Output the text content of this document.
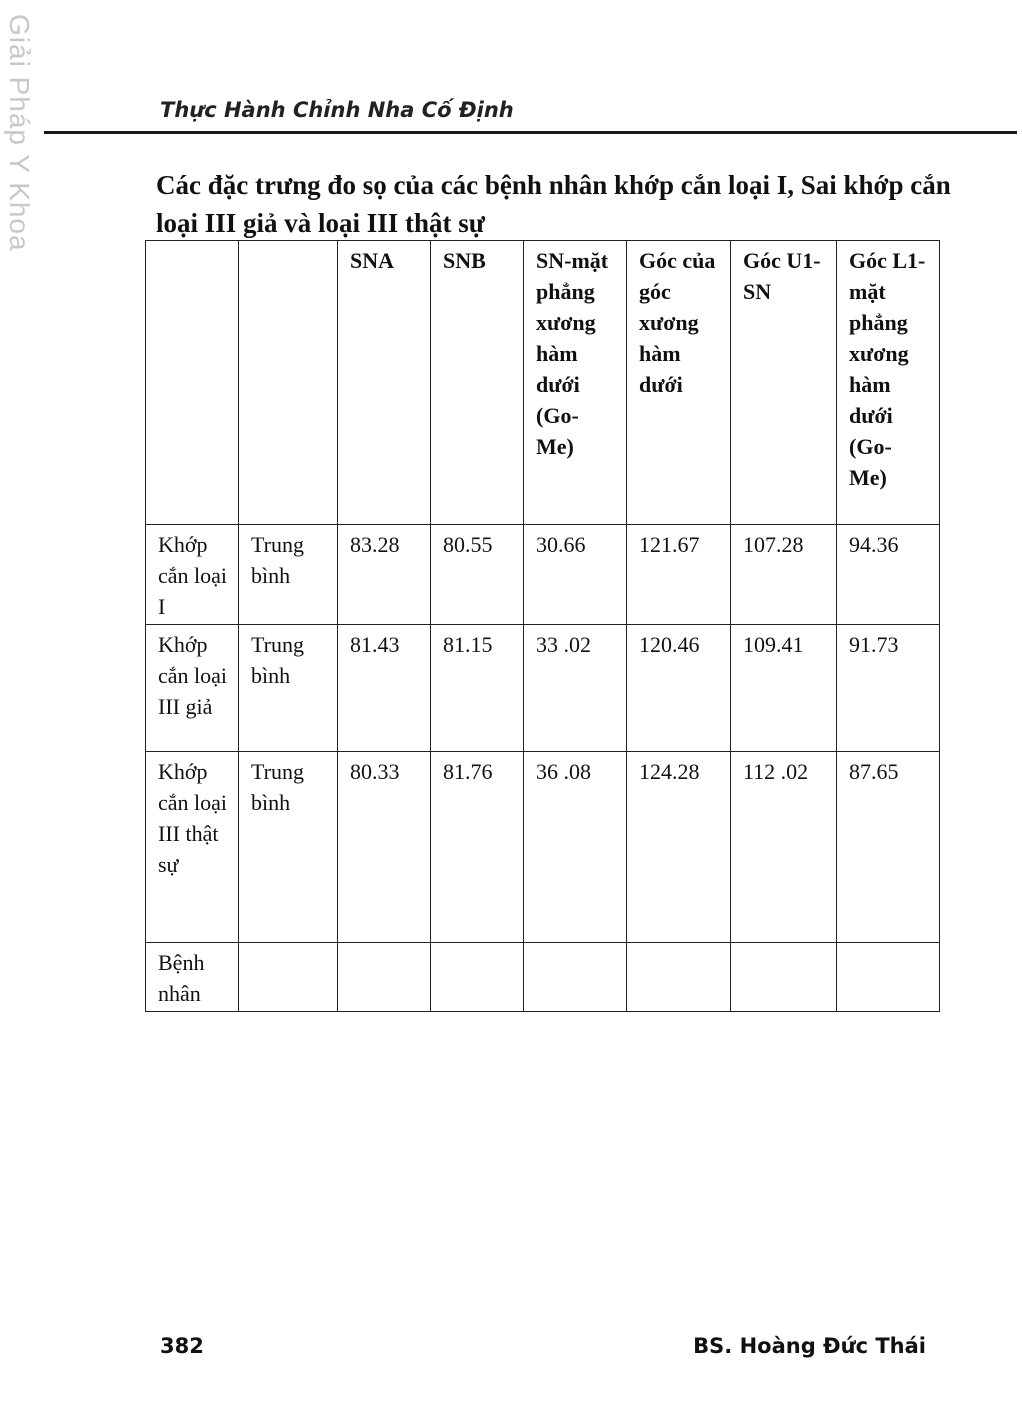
Giải Pháp Y Khoa	Thực Hành Chỉnh Nha Cố Định
Các đặc trưng đo sọ của các bệnh nhân khớp cắn loại I, Sai khớp cắn loại III giả và loại III thật sự
		SNA	SNB	SN-mặt phẳng xương hàm dưới (Go-Me)	Góc của góc xương hàm dưới	Góc U1-SN	Góc L1-mặt phẳng xương hàm dưới (Go-Me)
Khớp cắn loại I	Trung bình	83.28	80.55	30.66	121.67	107.28	94.36
Khớp cắn loại III giả	Trung bình	81.43	81.15	33 .02	120.46	109.41	91.73
Khớp cắn loại III thật sự	Trung bình	80.33	81.76	36 .08	124.28	112 .02	87.65
Bệnh nhân							
382	BS. Hoàng Đức Thái
